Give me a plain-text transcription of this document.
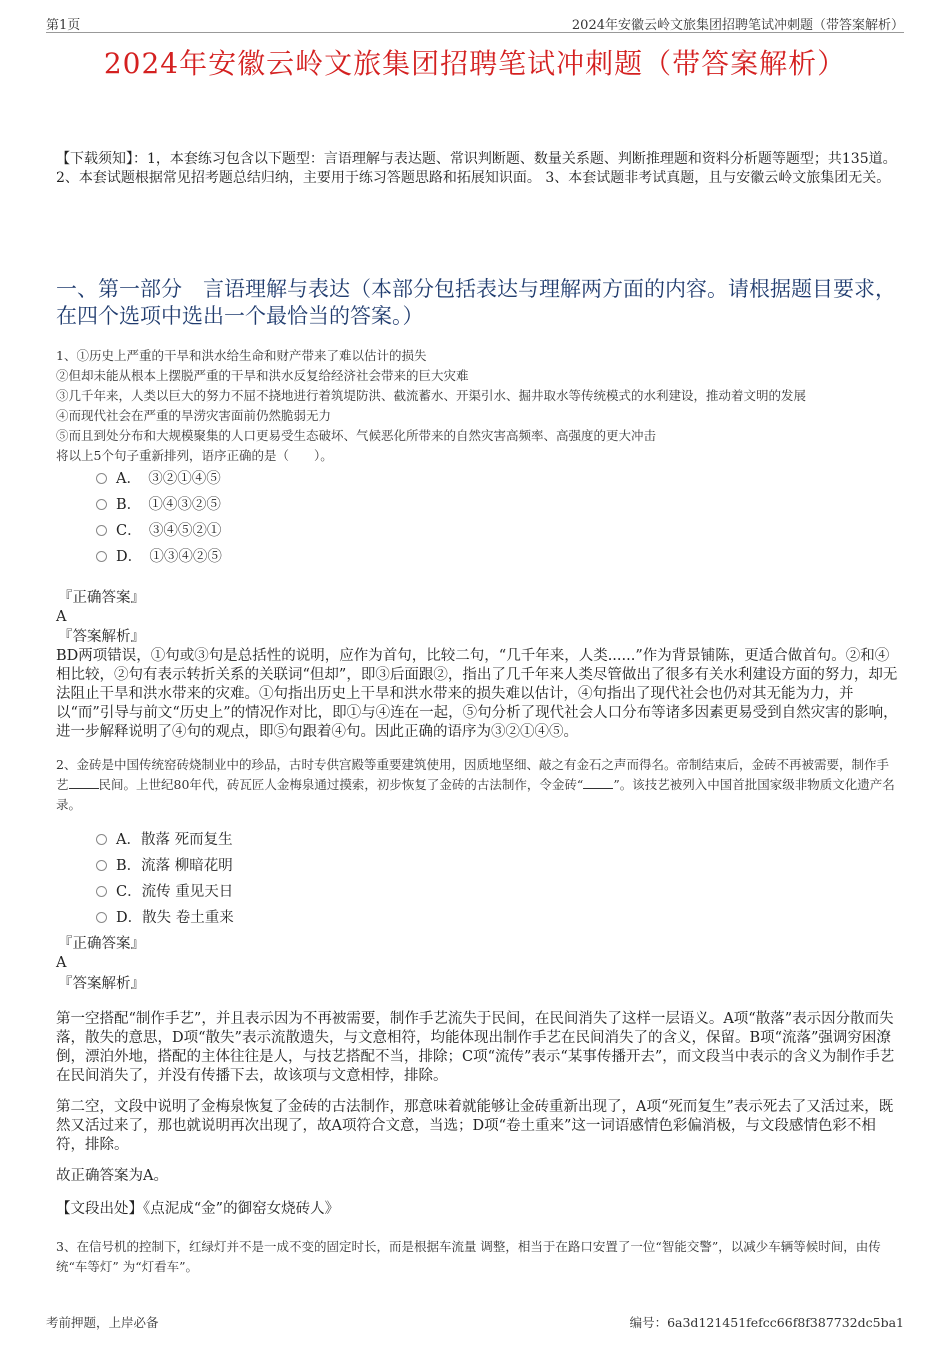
第1页	2024年安徽云岭文旅集团招聘笔试冲刺题（带答案解析）
2024年安徽云岭文旅集团招聘笔试冲刺题（带答案解析）
【下载须知】：1，本套练习包含以下题型：言语理解与表达题、常识判断题、数量关系题、判断推理题和资料分析题等题型；共135道。 2、本套试题根据常见招考题总结归纳，主要用于练习答题思路和拓展知识面。 3、本套试题非考试真题，且与安徽云岭文旅集团无关。
一、第一部分　言语理解与表达（本部分包括表达与理解两方面的内容。请根据题目要求，在四个选项中选出一个最恰当的答案。）
1、①历史上严重的干旱和洪水给生命和财产带来了难以估计的损失
②但却未能从根本上摆脱严重的干旱和洪水反复给经济社会带来的巨大灾难
③几千年来，人类以巨大的努力不屈不挠地进行着筑堤防洪、截流蓄水、开渠引水、掘井取水等传统模式的水利建设，推动着文明的发展
④而现代社会在严重的旱涝灾害面前仍然脆弱无力
⑤而且到处分布和大规模聚集的人口更易受生态破坏、气候恶化所带来的自然灾害高频率、高强度的更大冲击
将以上5个句子重新排列，语序正确的是（　　）。
A．　③②①④⑤
B．　①④③②⑤
C．　③④⑤②①
D．　①③④②⑤
『正确答案』
A
『答案解析』
BD两项错误，①句或③句是总括性的说明，应作为首句，比较二句，“几千年来，人类......”作为背景铺陈，更适合做首句。②和④相比较，②句有表示转折关系的关联词“但却”，即③后面跟②，指出了几千年来人类尽管做出了很多有关水利建设方面的努力，却无法阻止干旱和洪水带来的灾难。①句指出历史上干旱和洪水带来的损失难以估计，④句指出了现代社会也仍对其无能为力，并以“而”引导与前文“历史上”的情况作对比，即①与④连在一起，⑤句分析了现代社会人口分布等诸多因素更易受到自然灾害的影响，进一步解释说明了④句的观点，即⑤句跟着④句。因此正确的语序为③②①④⑤。
2、金砖是中国传统窑砖烧制业中的珍品，古时专供宫殿等重要建筑使用，因质地坚细、敲之有金石之声而得名。帝制结束后，金砖不再被需要，制作手艺 民间。上世纪80年代，砖瓦匠人金梅泉通过摸索，初步恢复了金砖的古法制作，令金砖“ ”。该技艺被列入中国首批国家级非物质文化遗产名录。
A．散落 死而复生
B．流落 柳暗花明
C．流传 重见天日
D．散失 卷土重来
『正确答案』
A
『答案解析』
第一空搭配“制作手艺”，并且表示因为不再被需要，制作手艺流失于民间，在民间消失了这样一层语义。A项“散落”表示因分散而失落，散失的意思，D项“散失”表示流散遗失，与文意相符，均能体现出制作手艺在民间消失了的含义，保留。B项“流落”强调穷困潦倒，漂泊外地，搭配的主体往往是人，与技艺搭配不当，排除；C项“流传”表示“某事传播开去”，而文段当中表示的含义为制作手艺在民间消失了，并没有传播下去，故该项与文意相悖，排除。
第二空，文段中说明了金梅泉恢复了金砖的古法制作，那意味着就能够让金砖重新出现了，A项“死而复生”表示死去了又活过来，既然又活过来了，那也就说明再次出现了，故A项符合文意，当选；D项“卷土重来”这一词语感情色彩偏消极，与文段感情色彩不相符，排除。
故正确答案为A。
【文段出处】《点泥成“金”的御窑女烧砖人》
3、在信号机的控制下，红绿灯并不是一成不变的固定时长，而是根据车流量 调整，相当于在路口安置了一位“智能交警”，以减少车辆等候时间，由传统“车等灯” 为“灯看车”。
考前押题，上岸必备	编号：6a3d121451fefcc66f8f387732dc5ba1
